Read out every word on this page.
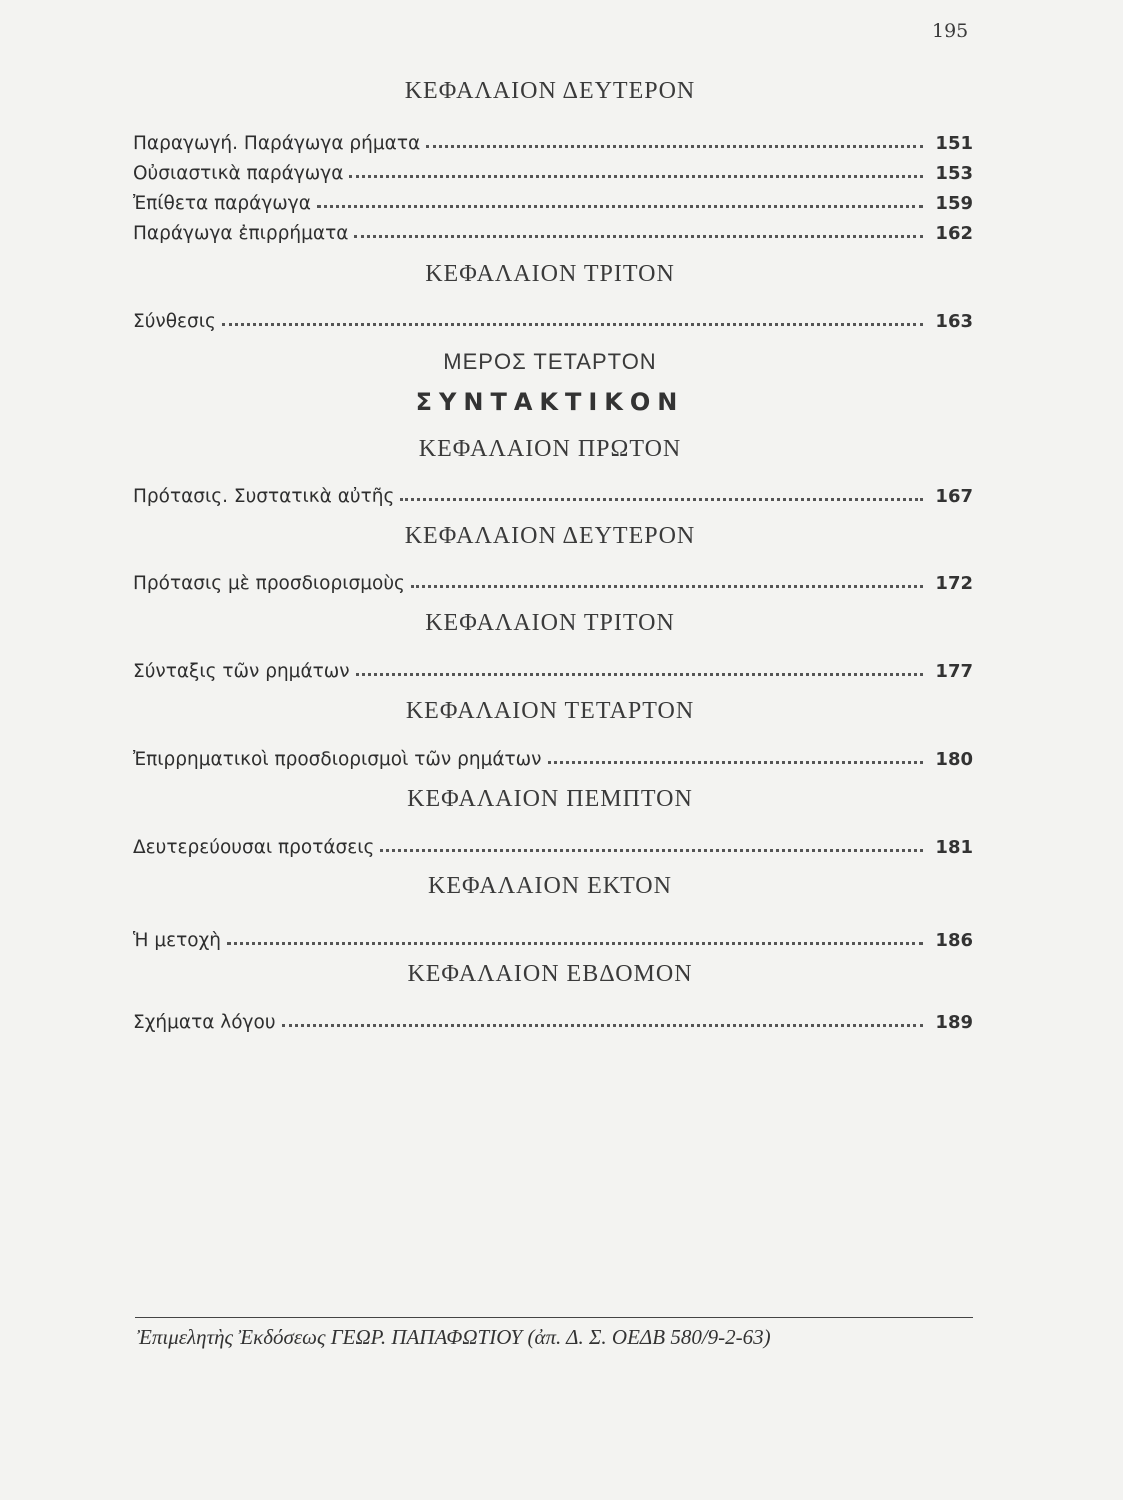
195
ΚΕΦΑΛΑΙΟΝ ΔΕΥΤΕΡΟΝ
Παραγωγή. Παράγωγα ρήματα	151
Οὐσιαστικὰ παράγωγα	153
Ἐπίθετα παράγωγα	159
Παράγωγα ἐπιρρήματα	162
ΚΕΦΑΛΑΙΟΝ ΤΡΙΤΟΝ
Σύνθεσις	163
ΜΕΡΟΣ ΤΕΤΑΡΤΟΝ
ΣΥΝΤΑΚΤΙΚΟΝ
ΚΕΦΑΛΑΙΟΝ ΠΡΩΤΟΝ
Πρότασις. Συστατικὰ αὐτῆς	167
ΚΕΦΑΛΑΙΟΝ ΔΕΥΤΕΡΟΝ
Πρότασις μὲ προσδιορισμοὺς	172
ΚΕΦΑΛΑΙΟΝ ΤΡΙΤΟΝ
Σύνταξις τῶν ρημάτων	177
ΚΕΦΑΛΑΙΟΝ ΤΕΤΑΡΤΟΝ
Ἐπιρρηματικοὶ προσδιορισμοὶ τῶν ρημάτων	180
ΚΕΦΑΛΑΙΟΝ ΠΕΜΠΤΟΝ
Δευτερεύουσαι προτάσεις	181
ΚΕΦΑΛΑΙΟΝ ΕΚΤΟΝ
Ἡ μετοχὴ	186
ΚΕΦΑΛΑΙΟΝ ΕΒΔΟΜΟΝ
Σχήματα λόγου	189
Ἐπιμελητὴς Ἐκδόσεως ΓΕΩΡ. ΠΑΠΑΦΩΤΙΟΥ (ἀπ. Δ. Σ. ΟΕΔΒ 580/9-2-63)
